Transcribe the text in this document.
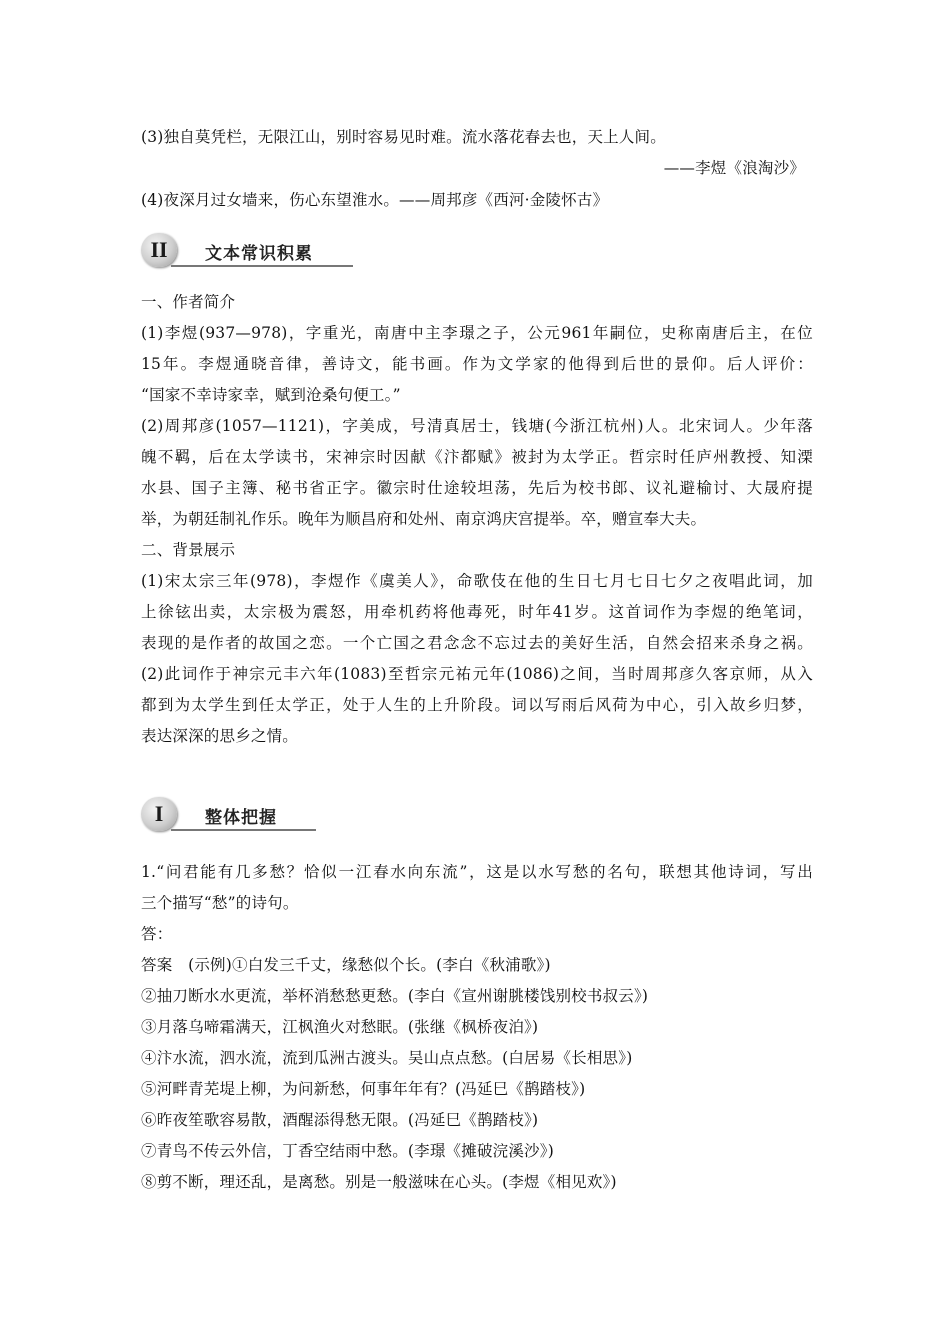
(3)独自莫凭栏，无限江山，别时容易见时难。流水落花春去也，天上人间。
——李煜《浪淘沙》
(4)夜深月过女墙来，伤心东望淮水。——周邦彦《西河·金陵怀古》
II	文本常识积累
一、作者简介
(1)李煜(937—978)，字重光，南唐中主李璟之子，公元961年嗣位，史称南唐后主，在位
15年。李煜通晓音律，善诗文，能书画。作为文学家的他得到后世的景仰。后人评价：
“国家不幸诗家幸，赋到沧桑句便工。”
(2)周邦彦(1057—1121)，字美成，号清真居士，钱塘(今浙江杭州)人。北宋词人。少年落
魄不羁，后在太学读书，宋神宗时因献《汴都赋》被封为太学正。哲宗时任庐州教授、知溧
水县、国子主簿、秘书省正字。徽宗时仕途较坦荡，先后为校书郎、议礼避榆讨、大晟府提
举，为朝廷制礼作乐。晚年为顺昌府和处州、南京鸿庆宫提举。卒，赠宣奉大夫。
二、背景展示
(1)宋太宗三年(978)，李煜作《虞美人》，命歌伎在他的生日七月七日七夕之夜唱此词，加
上徐铉出卖，太宗极为震怒，用牵机药将他毒死，时年41岁。这首词作为李煜的绝笔词，
表现的是作者的故国之恋。一个亡国之君念念不忘过去的美好生活，自然会招来杀身之祸。
(2)此词作于神宗元丰六年(1083)至哲宗元祐元年(1086)之间，当时周邦彦久客京师，从入
都到为太学生到任太学正，处于人生的上升阶段。词以写雨后风荷为中心，引入故乡归梦，
表达深深的思乡之情。
I	整体把握
1.“问君能有几多愁？恰似一江春水向东流”，这是以水写愁的名句，联想其他诗词，写出
三个描写“愁”的诗句。
答：
答案　(示例)①白发三千丈，缘愁似个长。(李白《秋浦歌》)
②抽刀断水水更流，举杯消愁愁更愁。(李白《宣州谢朓楼饯别校书叔云》)
③月落乌啼霜满天，江枫渔火对愁眠。(张继《枫桥夜泊》)
④汴水流，泗水流，流到瓜洲古渡头。吴山点点愁。(白居易《长相思》)
⑤河畔青芜堤上柳，为问新愁，何事年年有？(冯延巳《鹊踏枝》)
⑥昨夜笙歌容易散，酒醒添得愁无限。(冯延巳《鹊踏枝》)
⑦青鸟不传云外信，丁香空结雨中愁。(李璟《摊破浣溪沙》)
⑧剪不断，理还乱，是离愁。别是一般滋味在心头。(李煜《相见欢》)
